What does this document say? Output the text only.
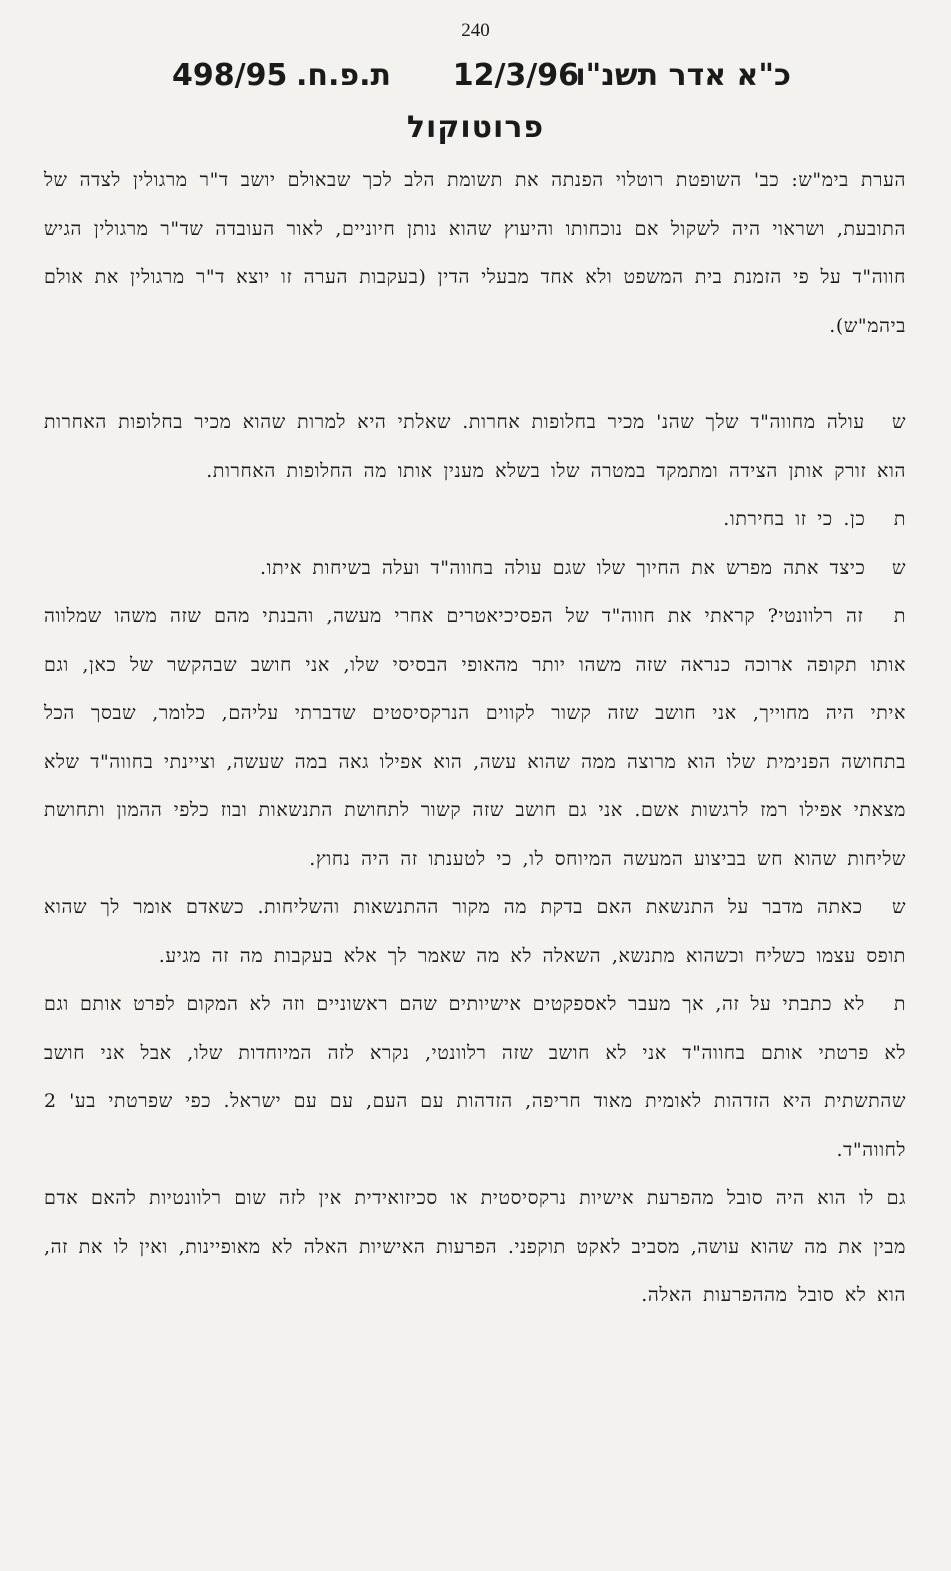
240
כ"א אדר תשנ"ו
12/3/96
ת.פ.ח.
498/95
פרוטוקול

הערת בימ"ש: כב' השופטת רוטלוי הפנתה את תשומת הלב לכך שבאולם יושב ד"ר מרגולין לצדה של התובעת, ושראוי היה לשקול אם נוכחותו והיעוץ שהוא נותן חיוניים, לאור העובדה שד"ר מרגולין הגיש חווה"ד על פי הזמנת בית המשפט ולא אחד מבעלי הדין (בעקבות הערה זו יוצא ד"ר מרגולין את אולם ביהמ"ש).

ש עולה מחווה"ד שלך שהנ' מכיר בחלופות אחרות. שאלתי היא למרות שהוא מכיר בחלופות האחרות הוא זורק אותן הצידה ומתמקד במטרה שלו בשלא מענין אותו מה החלופות האחרות.

ת כן. כי זו בחירתו.

ש כיצד אתה מפרש את החיוך שלו שגם עולה בחווה"ד ועלה בשיחות איתו.

ת זה רלוונטי? קראתי את חווה"ד של הפסיכיאטרים אחרי מעשה, והבנתי מהם שזה משהו שמלווה אותו תקופה ארוכה כנראה שזה משהו יותר מהאופי הבסיסי שלו, אני חושב שבהקשר של כאן, וגם איתי היה מחוייך, אני חושב שזה קשור לקווים הנרקסיסטים שדברתי עליהם, כלומר, שבסך הכל בתחושה הפנימית שלו הוא מרוצה ממה שהוא עשה, הוא אפילו גאה במה שעשה, וציינתי בחווה"ד שלא מצאתי אפילו רמז לרגשות אשם. אני גם חושב שזה קשור לתחושת התנשאות ובוז כלפי ההמון ותחושת שליחות שהוא חש בביצוע המעשה המיוחס לו, כי לטענתו זה היה נחוץ.

ש כאתה מדבר על התנשאת האם בדקת מה מקור ההתנשאות והשליחות. כשאדם אומר לך שהוא תופס עצמו כשליח וכשהוא מתנשא, השאלה לא מה שאמר לך אלא בעקבות מה זה מגיע.

ת לא כתבתי על זה, אך מעבר לאספקטים אישיותים שהם ראשוניים וזה לא המקום לפרט אותם וגם לא פרטתי אותם בחווה"ד אני לא חושב שזה רלוונטי, נקרא לזה המיוחדות שלו, אבל אני חושב שהתשתית היא הזדהות לאומית מאוד חריפה, הזדהות עם העם, עם עם ישראל. כפי שפרטתי בע' 2 לחווה"ד.

גם לו הוא היה סובל מהפרעת אישיות נרקסיסטית או סכיזואידית אין לזה שום רלוונטיות להאם אדם מבין את מה שהוא עושה, מסביב לאקט תוקפני. הפרעות האישיות האלה לא מאופיינות, ואין לו את זה, הוא לא סובל מההפרעות האלה.
